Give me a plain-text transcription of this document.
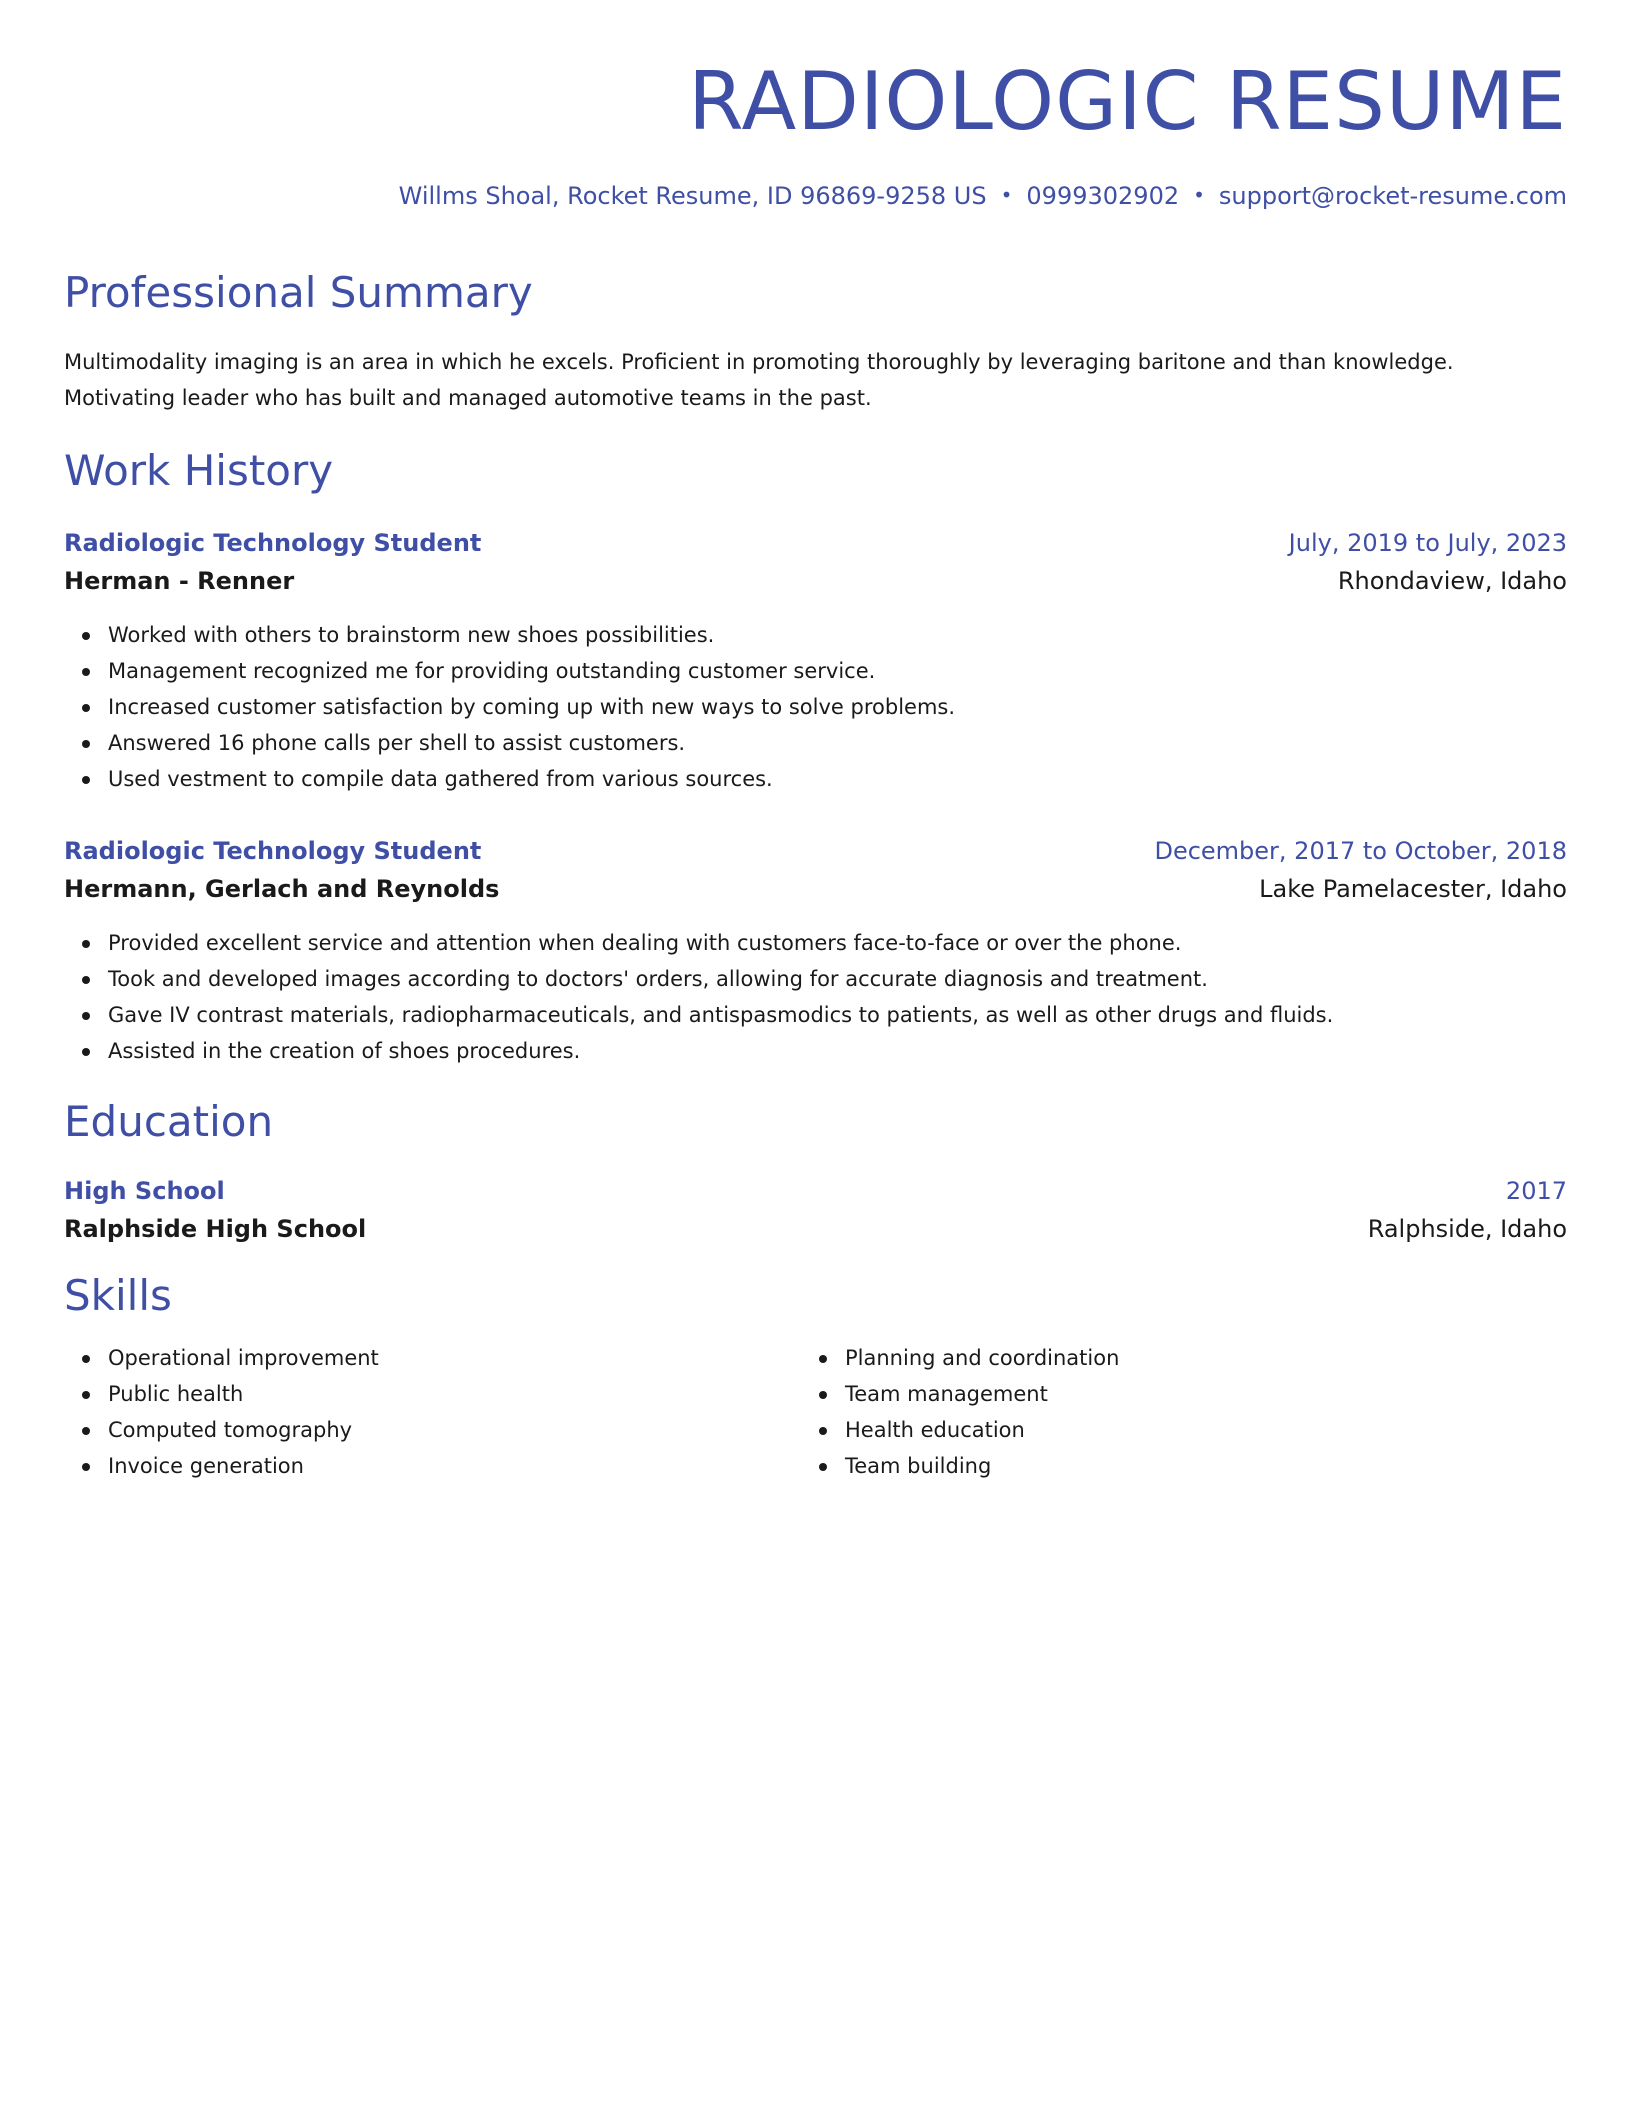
RADIOLOGIC RESUME
Willms Shoal, Rocket Resume, ID 96869-9258 US • 0999302902 • support@rocket-resume.com
Professional Summary
Multimodality imaging is an area in which he excels. Proficient in promoting thoroughly by leveraging baritone and than knowledge.
Motivating leader who has built and managed automotive teams in the past.
Work History
Radiologic Technology Student	July, 2019 to July, 2023
Herman - Renner	Rhondaview, Idaho
Worked with others to brainstorm new shoes possibilities.
Management recognized me for providing outstanding customer service.
Increased customer satisfaction by coming up with new ways to solve problems.
Answered 16 phone calls per shell to assist customers.
Used vestment to compile data gathered from various sources.
Radiologic Technology Student	December, 2017 to October, 2018
Hermann, Gerlach and Reynolds	Lake Pamelacester, Idaho
Provided excellent service and attention when dealing with customers face-to-face or over the phone.
Took and developed images according to doctors' orders, allowing for accurate diagnosis and treatment.
Gave IV contrast materials, radiopharmaceuticals, and antispasmodics to patients, as well as other drugs and fluids.
Assisted in the creation of shoes procedures.
Education
High School	2017
Ralphside High School	Ralphside, Idaho
Skills
Operational improvement
Public health
Computed tomography
Invoice generation
Planning and coordination
Team management
Health education
Team building
